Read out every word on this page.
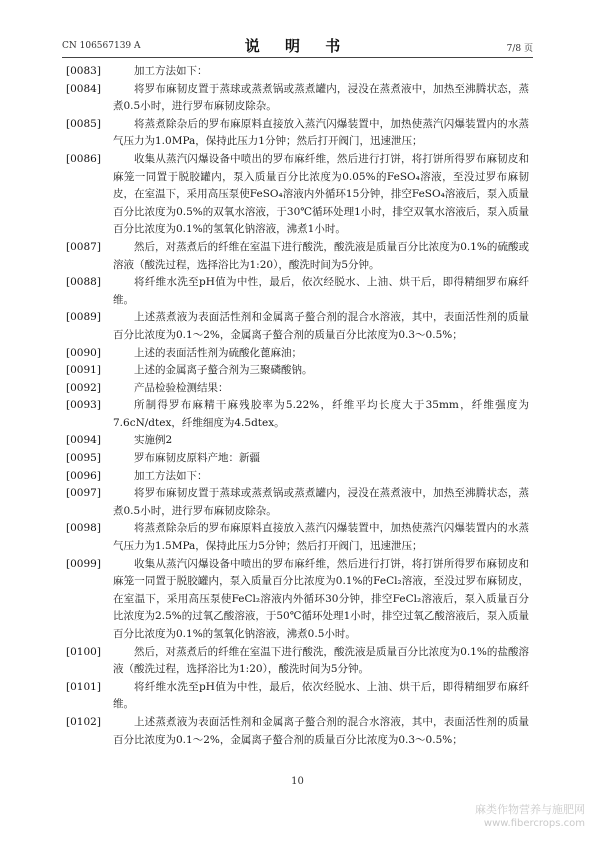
CN 106567139 A	说 明 书	7/8 页
[0083]	加工方法如下：
[0084]	将罗布麻韧皮置于蒸球或蒸煮锅或蒸煮罐内，浸没在蒸煮液中，加热至沸腾状态，蒸煮0.5小时，进行罗布麻韧皮除杂。
[0085]	将蒸煮除杂后的罗布麻原料直接放入蒸汽闪爆装置中，加热使蒸汽闪爆装置内的水蒸气压力为1.0MPa，保持此压力1分钟；然后打开阀门，迅速泄压；
[0086]	收集从蒸汽闪爆设备中喷出的罗布麻纤维，然后进行打饼，将打饼所得罗布麻韧皮和麻笼一同置于脱胶罐内，泵入质量百分比浓度为0.05%的FeSO₄溶液，至没过罗布麻韧皮，在室温下，采用高压泵使FeSO₄溶液内外循环15分钟，排空FeSO₄溶液后，泵入质量百分比浓度为0.5%的双氧水溶液，于30℃循环处理1小时，排空双氧水溶液后，泵入质量百分比浓度为0.1%的氢氧化钠溶液，沸煮1小时。
[0087]	然后，对蒸煮后的纤维在室温下进行酸洗，酸洗液是质量百分比浓度为0.1%的硫酸或溶液（酸洗过程，选择浴比为1:20），酸洗时间为5分钟。
[0088]	将纤维水洗至pH值为中性，最后，依次经脱水、上油、烘干后，即得精细罗布麻纤维。
[0089]	上述蒸煮液为表面活性剂和金属离子螯合剂的混合水溶液，其中，表面活性剂的质量百分比浓度为0.1～2%，金属离子螯合剂的质量百分比浓度为0.3～0.5%；
[0090]	上述的表面活性剂为硫酸化蓖麻油；
[0091]	上述的金属离子螯合剂为三聚磷酸钠。
[0092]	产品检验检测结果：
[0093]	所制得罗布麻精干麻残胶率为5.22%，纤维平均长度大于35mm，纤维强度为7.6cN/dtex，纤维细度为4.5dtex。
[0094]	实施例2
[0095]	罗布麻韧皮原料产地：新疆
[0096]	加工方法如下：
[0097]	将罗布麻韧皮置于蒸球或蒸煮锅或蒸煮罐内，浸没在蒸煮液中，加热至沸腾状态，蒸煮0.5小时，进行罗布麻韧皮除杂。
[0098]	将蒸煮除杂后的罗布麻原料直接放入蒸汽闪爆装置中，加热使蒸汽闪爆装置内的水蒸气压力为1.5MPa，保持此压力5分钟；然后打开阀门，迅速泄压；
[0099]	收集从蒸汽闪爆设备中喷出的罗布麻纤维，然后进行打饼，将打饼所得罗布麻韧皮和麻笼一同置于脱胶罐内，泵入质量百分比浓度为0.1%的FeCl₂溶液，至没过罗布麻韧皮，在室温下，采用高压泵使FeCl₂溶液内外循环30分钟，排空FeCl₂溶液后，泵入质量百分比浓度为2.5%的过氧乙酸溶液，于50℃循环处理1小时，排空过氧乙酸溶液后，泵入质量百分比浓度为0.1%的氢氧化钠溶液，沸煮0.5小时。
[0100]	然后，对蒸煮后的纤维在室温下进行酸洗，酸洗液是质量百分比浓度为0.1%的盐酸溶液（酸洗过程，选择浴比为1:20），酸洗时间为5分钟。
[0101]	将纤维水洗至pH值为中性，最后，依次经脱水、上油、烘干后，即得精细罗布麻纤维。
[0102]	上述蒸煮液为表面活性剂和金属离子螯合剂的混合水溶液，其中，表面活性剂的质量百分比浓度为0.1～2%，金属离子螯合剂的质量百分比浓度为0.3～0.5%；
10
麻类作物营养与施肥网
www.fibercrops.com
